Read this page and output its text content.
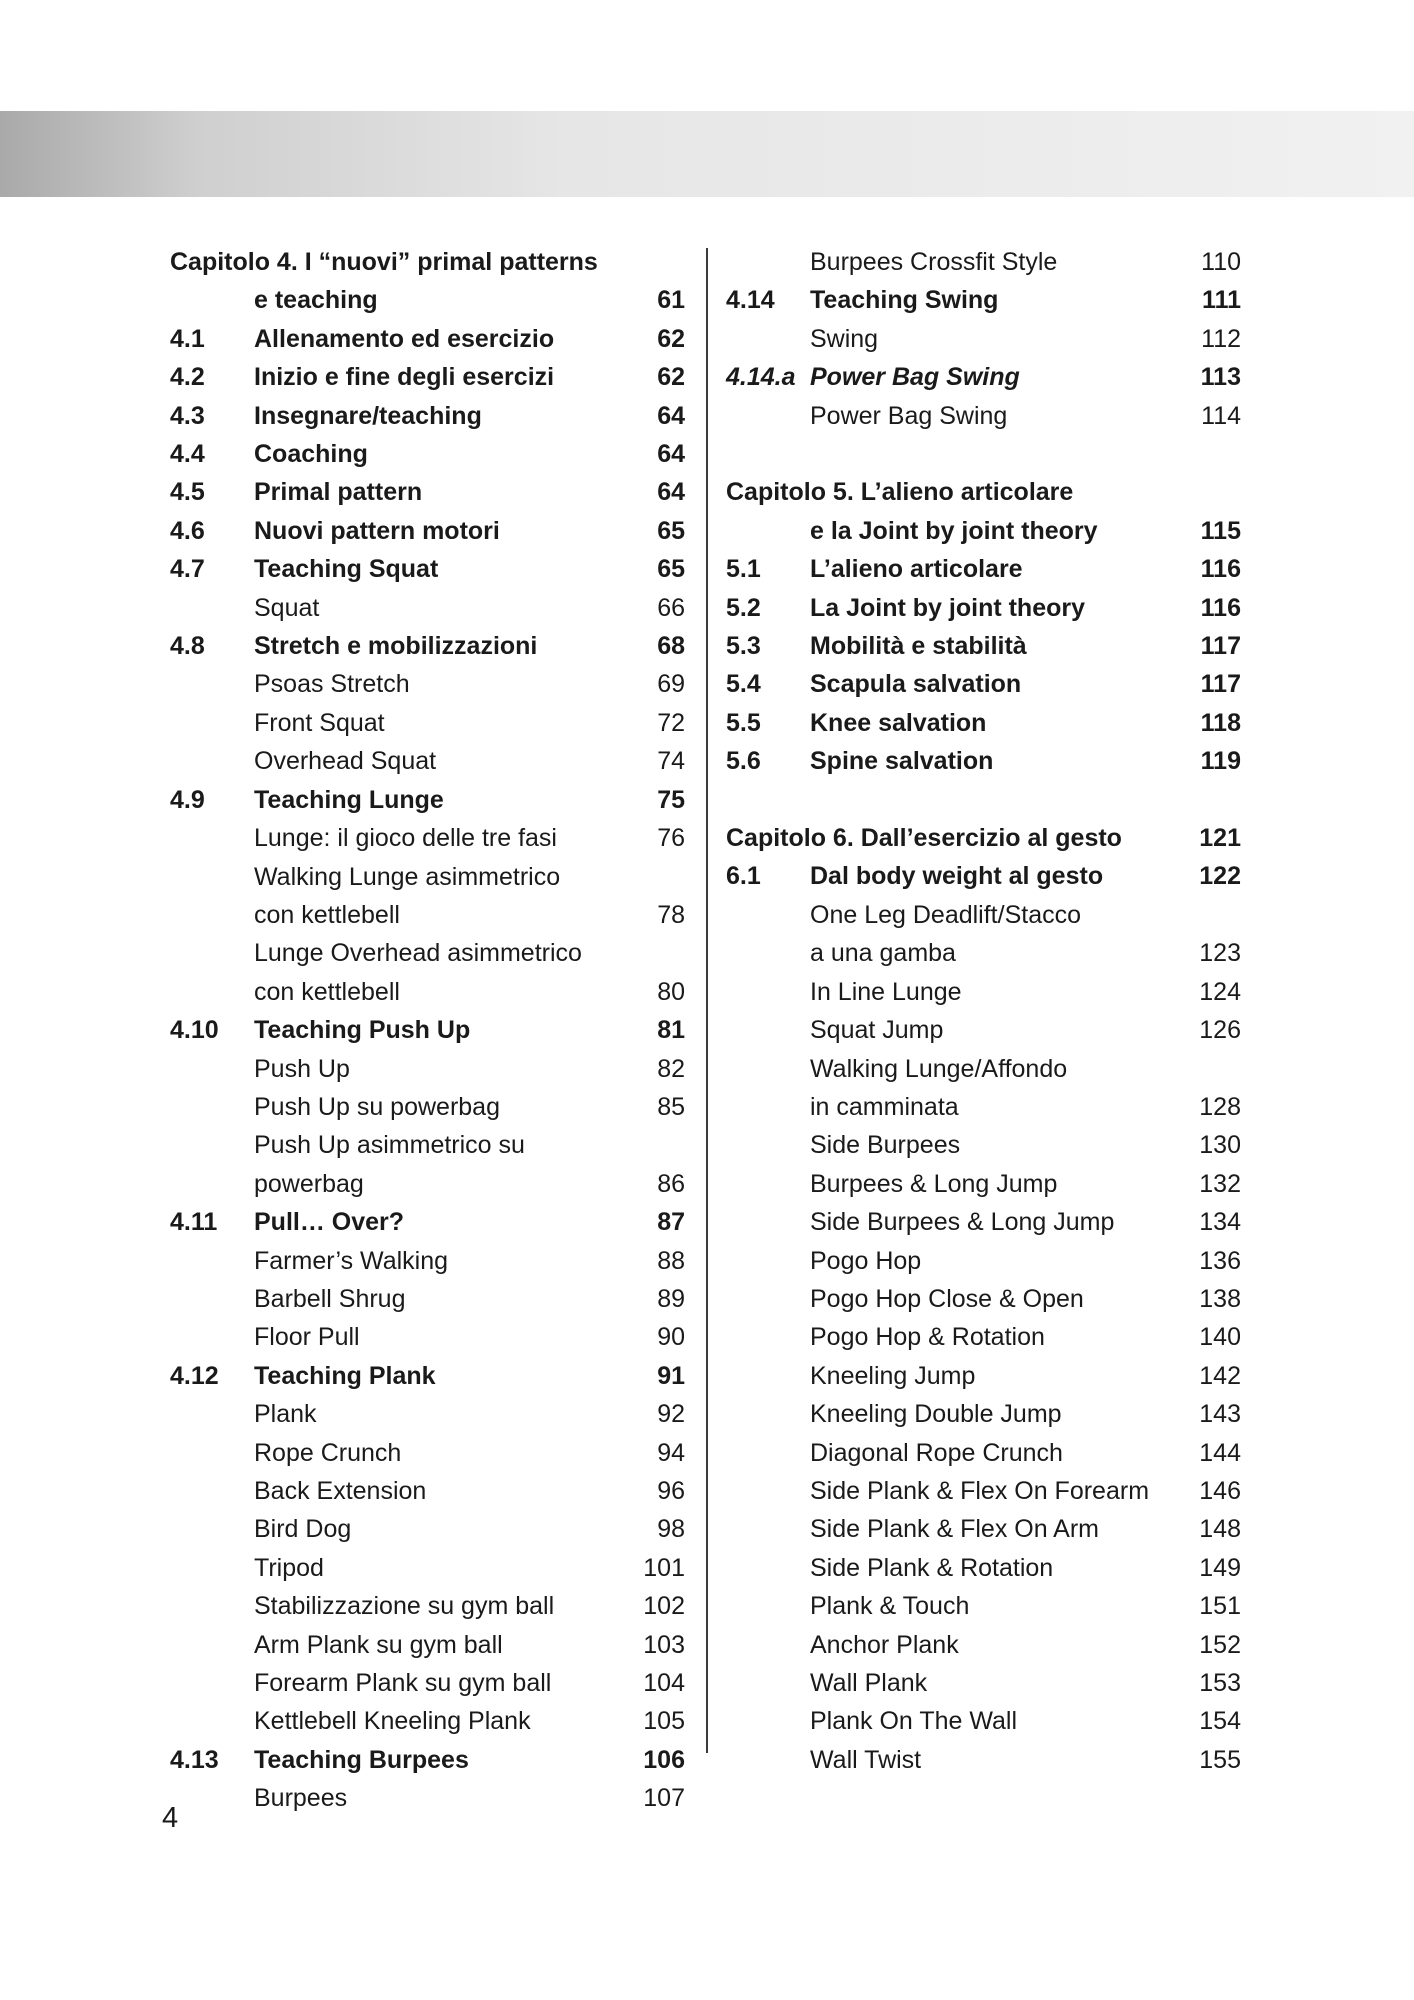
Capitolo 4. I “nuovi” primal patterns
e teaching	61
4.1 Allenamento ed esercizio	62
4.2 Inizio e fine degli esercizi	62
4.3 Insegnare/teaching	64
4.4 Coaching	64
4.5 Primal pattern	64
4.6 Nuovi pattern motori	65
4.7 Teaching Squat	65
Squat	66
4.8 Stretch e mobilizzazioni	68
Psoas Stretch	69
Front Squat	72
Overhead Squat	74
4.9 Teaching Lunge	75
Lunge: il gioco delle tre fasi	76
Walking Lunge asimmetrico
con kettlebell	78
Lunge Overhead asimmetrico
con kettlebell	80
4.10 Teaching Push Up	81
Push Up	82
Push Up su powerbag	85
Push Up asimmetrico su powerbag	86
4.11 Pull… Over?	87
Farmer’s Walking	88
Barbell Shrug	89
Floor Pull	90
4.12 Teaching Plank	91
Plank	92
Rope Crunch	94
Back Extension	96
Bird Dog	98
Tripod	101
Stabilizzazione su gym ball	102
Arm Plank su gym ball	103
Forearm Plank su gym ball	104
Kettlebell Kneeling Plank	105
4.13 Teaching Burpees	106
Burpees	107
Burpees Crossfit Style	110
4.14 Teaching Swing	111
Swing	112
4.14.a Power Bag Swing	113
Power Bag Swing	114
Capitolo 5. L’alieno articolare
e la Joint by joint theory	115
5.1 L’alieno articolare	116
5.2 La Joint by joint theory	116
5.3 Mobilità e stabilità	117
5.4 Scapula salvation	117
5.5 Knee salvation	118
5.6 Spine salvation	119
Capitolo 6. Dall’esercizio al gesto	121
6.1 Dal body weight al gesto	122
One Leg Deadlift/Stacco
a una gamba	123
In Line Lunge	124
Squat Jump	126
Walking Lunge/Affondo
in camminata	128
Side Burpees	130
Burpees & Long Jump	132
Side Burpees & Long Jump	134
Pogo Hop	136
Pogo Hop Close & Open	138
Pogo Hop & Rotation	140
Kneeling Jump	142
Kneeling Double Jump	143
Diagonal Rope Crunch	144
Side Plank & Flex On Forearm	146
Side Plank & Flex On Arm	148
Side Plank & Rotation	149
Plank & Touch	151
Anchor Plank	152
Wall Plank	153
Plank On The Wall	154
Wall Twist	155
4
